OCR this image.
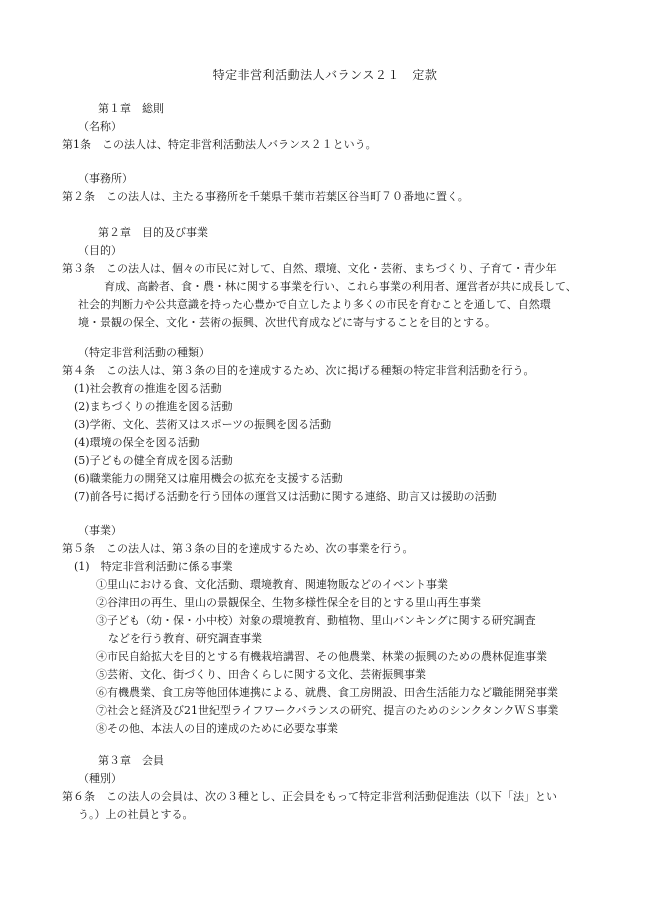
特定非営利活動法人バランス２１　定款
第１章　総則
（名称）
第1条　この法人は、特定非営利活動法人バランス２１という。
（事務所）
第２条　この法人は、主たる事務所を千葉県千葉市若葉区谷当町７０番地に置く。
第２章　目的及び事業
（目的）
第３条　この法人は、個々の市民に対して、自然、環境、文化・芸術、まちづくり、子育て・青少年
育成、高齢者、食・農・林に関する事業を行い、これら事業の利用者、運営者が共に成長して、
社会的判断力や公共意識を持った心豊かで自立したより多くの市民を育むことを通して、自然環
境・景観の保全、文化・芸術の振興、次世代育成などに寄与することを目的とする。
（特定非営利活動の種類）
第４条　この法人は、第３条の目的を達成するため、次に掲げる種類の特定非営利活動を行う。
(1)社会教育の推進を図る活動
(2)まちづくりの推進を図る活動
(3)学術、文化、芸術又はスポーツの振興を図る活動
(4)環境の保全を図る活動
(5)子どもの健全育成を図る活動
(6)職業能力の開発又は雇用機会の拡充を支援する活動
(7)前各号に掲げる活動を行う団体の運営又は活動に関する連絡、助言又は援助の活動
（事業）
第５条　この法人は、第３条の目的を達成するため、次の事業を行う。
(1)　特定非営利活動に係る事業
①里山における食、文化活動、環境教育、関連物販などのイベント事業
②谷津田の再生、里山の景観保全、生物多様性保全を目的とする里山再生事業
③子ども（幼・保・小中校）対象の環境教育、動植物、里山バンキングに関する研究調査
などを行う教育、研究調査事業
④市民自給拡大を目的とする有機栽培講習、その他農業、林業の振興のための農林促進事業
⑤芸術、文化、街づくり、田舎くらしに関する文化、芸術振興事業
⑥有機農業、食工房等他団体連携による、就農、食工房開設、田舎生活能力など職能開発事業
⑦社会と経済及び21世紀型ライフワークバランスの研究、提言のためのシンクタンクＷＳ事業
⑧その他、本法人の目的達成のために必要な事業
第３章　会員
（種別）
第６条　この法人の会員は、次の３種とし、正会員をもって特定非営利活動促進法（以下「法」とい
う。）上の社員とする。
